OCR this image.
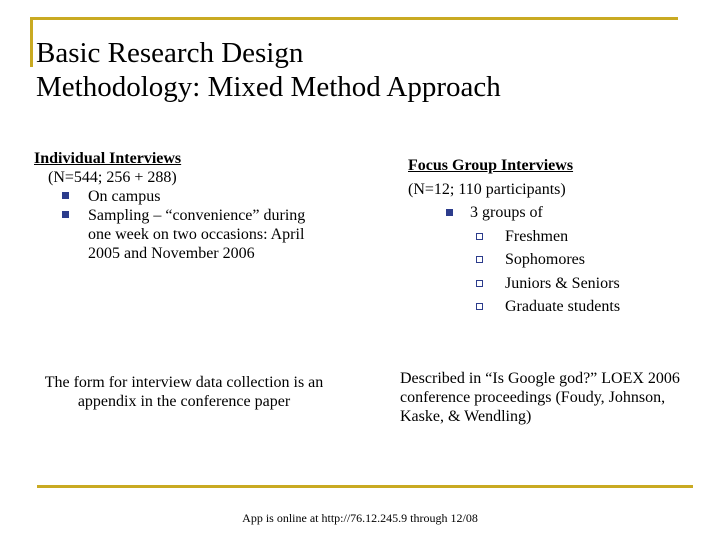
Basic Research Design
Methodology: Mixed Method Approach
Individual Interviews
(N=544; 256 + 288)
On campus
Sampling – “convenience” during one week on two occasions: April 2005 and November 2006
Focus Group Interviews
(N=12; 110 participants)
3 groups of
Freshmen
Sophomores
Juniors & Seniors
Graduate students
The form for interview data collection is an appendix in the conference paper
Described in “Is Google god?” LOEX 2006 conference proceedings (Foudy, Johnson, Kaske, & Wendling)
App is online at http://76.12.245.9 through 12/08
